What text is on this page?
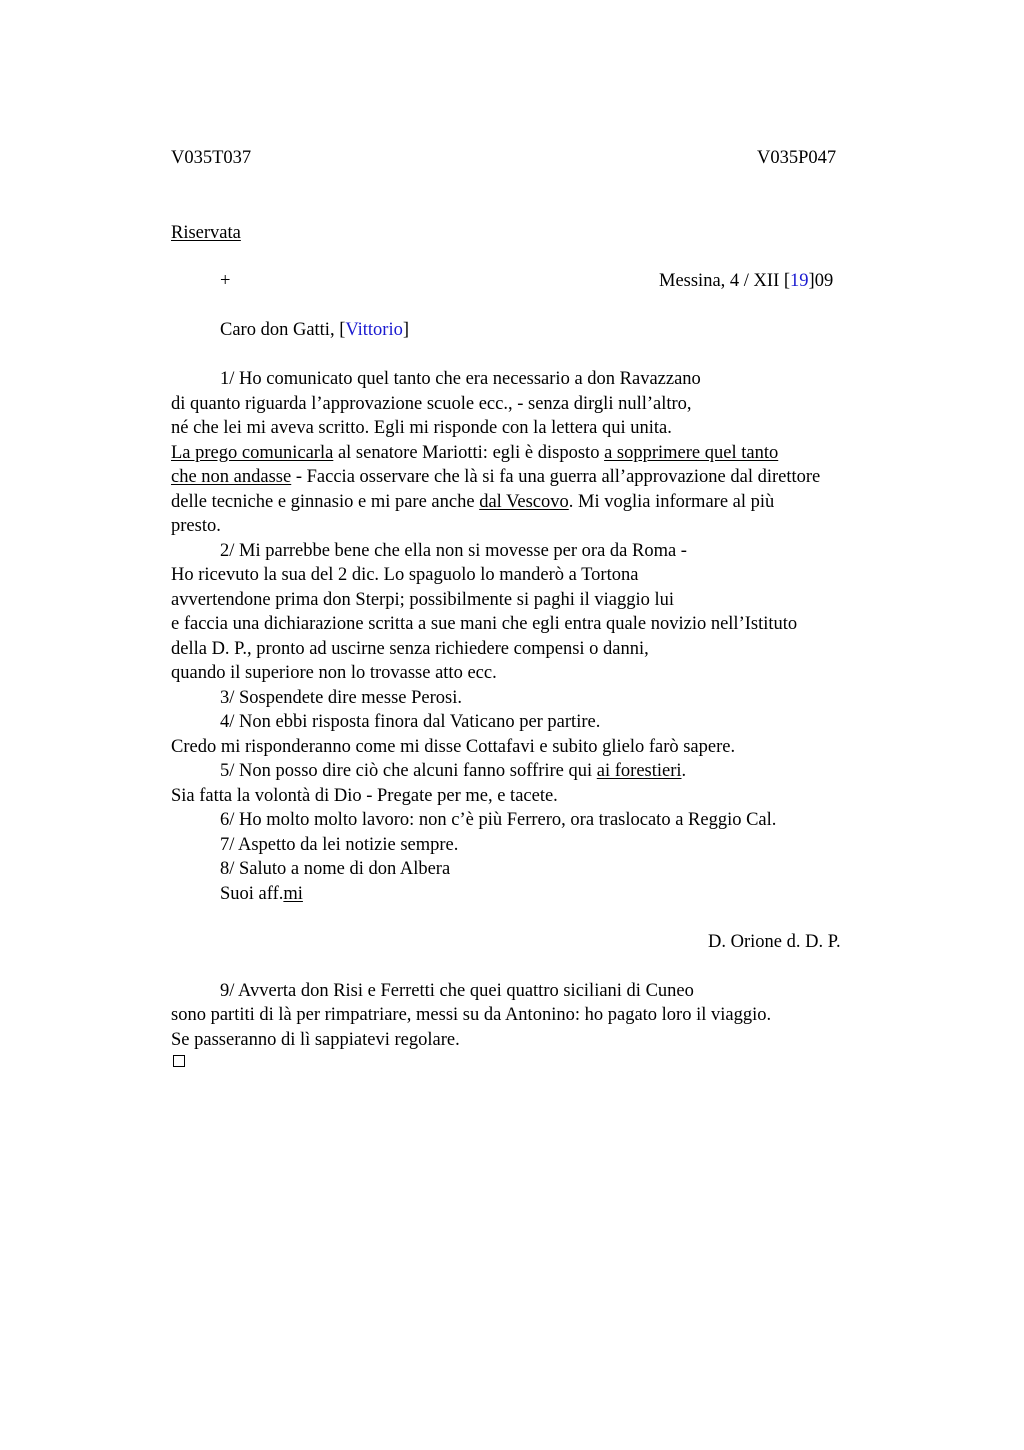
V035T037	V035P047
Riservata
+	Messina, 4 / XII [19]09
Caro don Gatti, [Vittorio]
1/ Ho comunicato quel tanto che era necessario a don Ravazzano
di quanto riguarda l’approvazione scuole ecc., - senza dirgli null’altro,
né che lei mi aveva scritto. Egli mi risponde con la lettera qui unita.
La prego comunicarla al senatore Mariotti: egli è disposto a sopprimere quel tanto
che non andasse - Faccia osservare che là si fa una guerra all’approvazione dal direttore
delle tecniche e ginnasio e mi pare anche dal Vescovo. Mi voglia informare al più
presto.
2/ Mi parrebbe bene che ella non si movesse per ora da Roma -
Ho ricevuto la sua del 2 dic. Lo spaguolo lo manderò a Tortona
avvertendone prima don Sterpi; possibilmente si paghi il viaggio lui
e faccia una dichiarazione scritta a sue mani che egli entra quale novizio nell’Istituto
della D. P., pronto ad uscirne senza richiedere compensi o danni,
quando il superiore non lo trovasse atto ecc.
3/ Sospendete dire messe Perosi.
4/ Non ebbi risposta finora dal Vaticano per partire.
Credo mi risponderanno come mi disse Cottafavi e subito glielo farò sapere.
5/ Non posso dire ciò che alcuni fanno soffrire qui ai forestieri.
Sia fatta la volontà di Dio - Pregate per me, e tacete.
6/ Ho molto molto lavoro: non c’è più Ferrero, ora traslocato a Reggio Cal.
7/ Aspetto da lei notizie sempre.
8/ Saluto a nome di don Albera
Suoi aff.mi
D. Orione d. D. P.
9/ Avverta don Risi e Ferretti che quei quattro siciliani di Cuneo
sono partiti di là per rimpatriare, messi su da Antonino: ho pagato loro il viaggio.
Se passeranno di lì sappiatevi regolare.
